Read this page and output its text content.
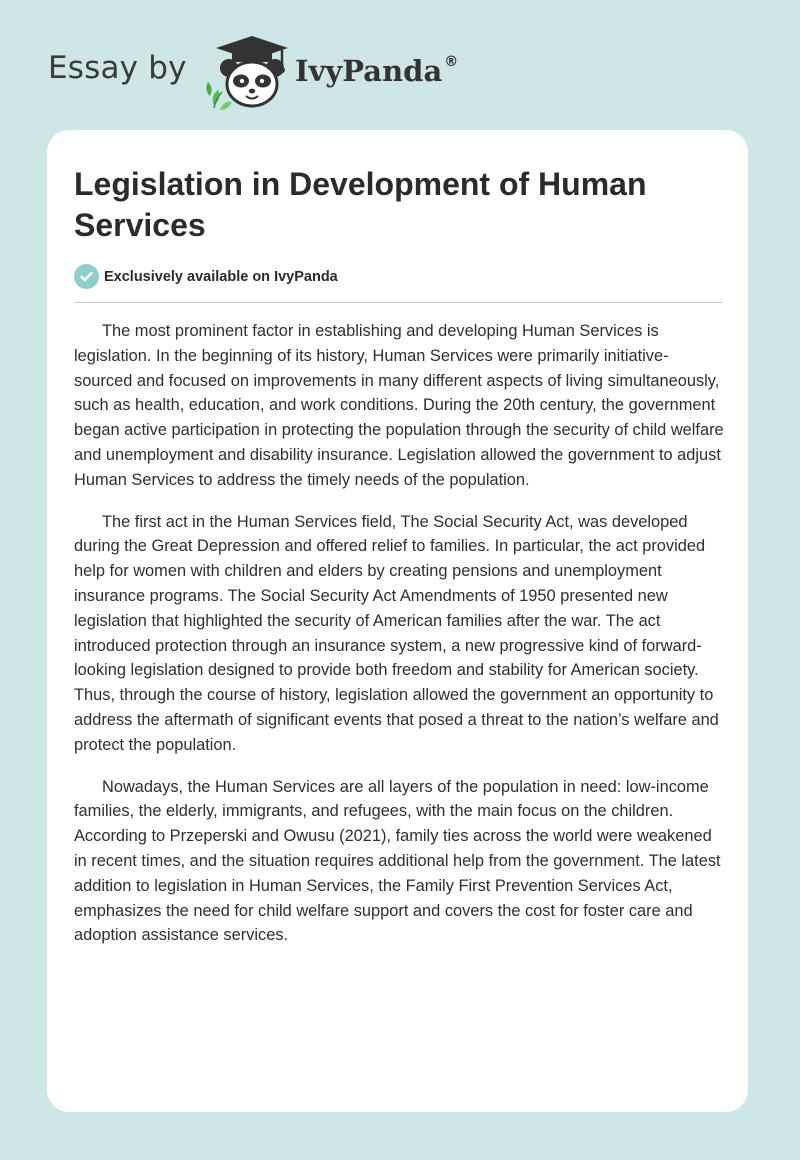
Essay by	IvyPanda ®
Legislation in Development of Human Services
Exclusively available on IvyPanda

The most prominent factor in establishing and developing Human Services is legislation. In the beginning of its history, Human Services were primarily initiative-sourced and focused on improvements in many different aspects of living simultaneously, such as health, education, and work conditions. During the 20th century, the government began active participation in protecting the population through the security of child welfare and unemployment and disability insurance. Legislation allowed the government to adjust Human Services to address the timely needs of the population.

The first act in the Human Services field, The Social Security Act, was developed during the Great Depression and offered relief to families. In particular, the act provided help for women with children and elders by creating pensions and unemployment insurance programs. The Social Security Act Amendments of 1950 presented new legislation that highlighted the security of American families after the war. The act introduced protection through an insurance system, a new progressive kind of forward-looking legislation designed to provide both freedom and stability for American society. Thus, through the course of history, legislation allowed the government an opportunity to address the aftermath of significant events that posed a threat to the nation’s welfare and protect the population.

Nowadays, the Human Services are all layers of the population in need: low-income families, the elderly, immigrants, and refugees, with the main focus on the children. According to Przeperski and Owusu (2021), family ties across the world were weakened in recent times, and the situation requires additional help from the government. The latest addition to legislation in Human Services, the Family First Prevention Services Act, emphasizes the need for child welfare support and covers the cost for foster care and adoption assistance services.
